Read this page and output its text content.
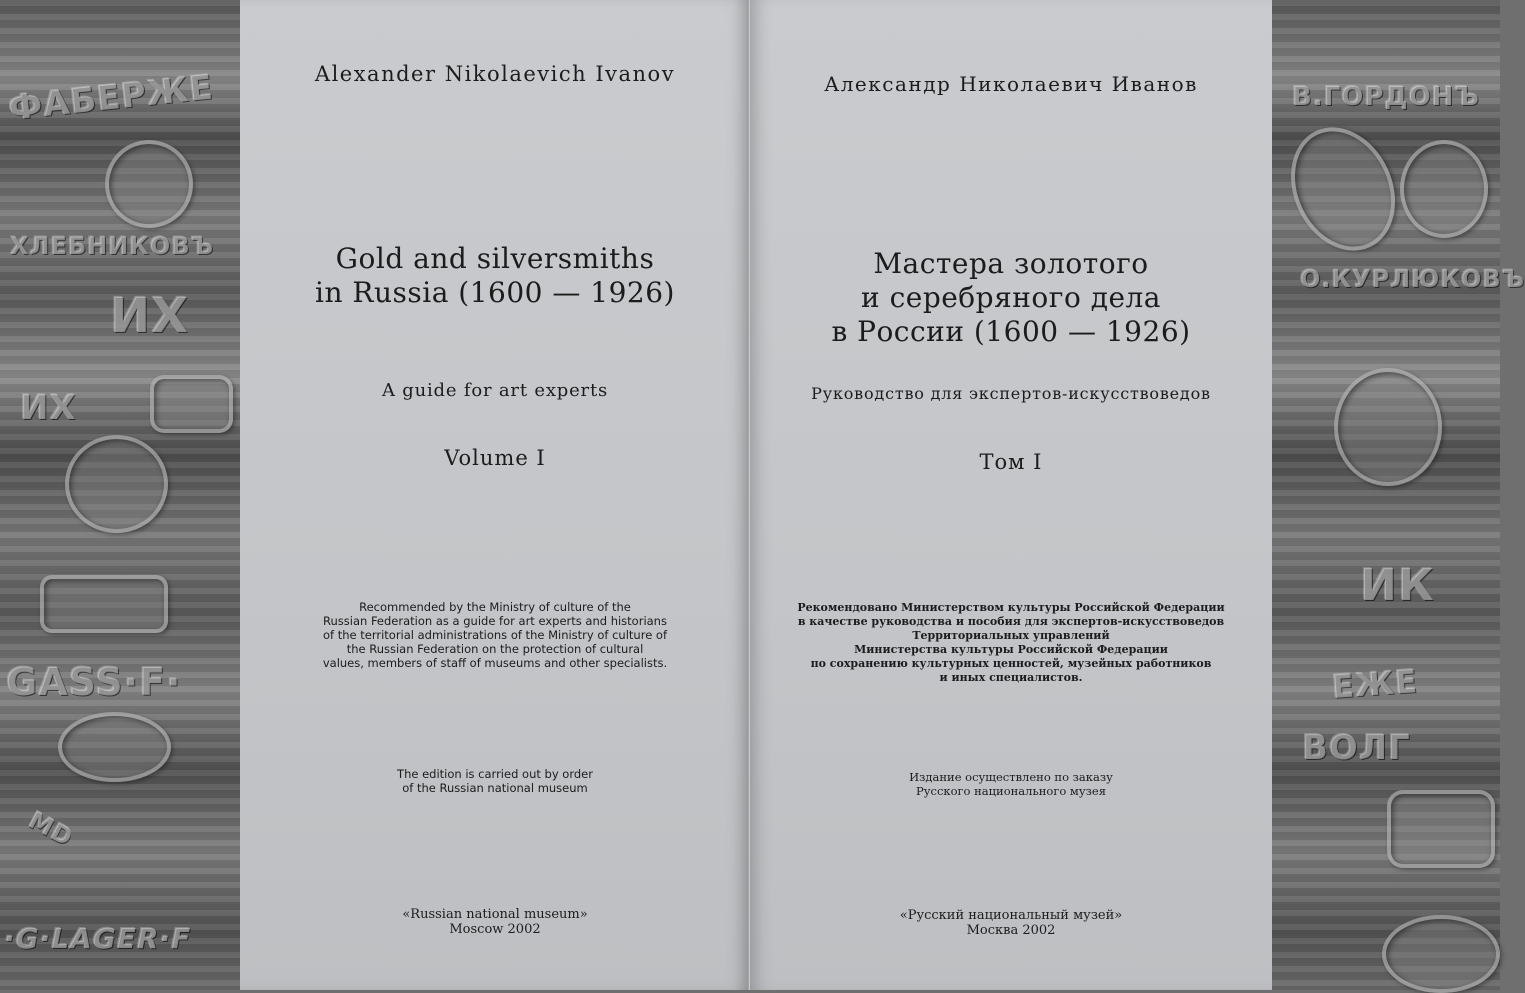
ФАБЕРЖЕ
ХЛЕБНИКОВЪ
ИХ
ИХ
GASS·F·
MD
·G·LAGER·F
Alexander Nikolaevich Ivanov
Gold and silversmiths
in Russia (1600 — 1926)
A guide for art experts
Volume I
Recommended by the Ministry of culture of the
Russian Federation as a guide for art experts and historians
of the territorial administrations of the Ministry of culture of
the Russian Federation on the protection of cultural
values, members of staff of museums and other specialists.
The edition is carried out by order
of the Russian national museum
«Russian national museum»
Moscow 2002
Александр Николаевич Иванов
Мастера золотого
и серебряного дела
в России (1600 — 1926)
Руководство для экспертов-искусствоведов
Том I
Рекомендовано Министерством культуры Российской Федерации
в качестве руководства и пособия для экспертов-искусствоведов
Территориальных управлений
Министерства культуры Российской Федерации
по сохранению культурных ценностей, музейных работников
и иных специалистов.
Издание осуществлено по заказу
Русского национального музея
«Русский национальный музей»
Москва 2002
В.ГОРДОНЪ
О.КУРЛЮКОВЪ
ИК
ЕЖЕ
ВОЛГ
